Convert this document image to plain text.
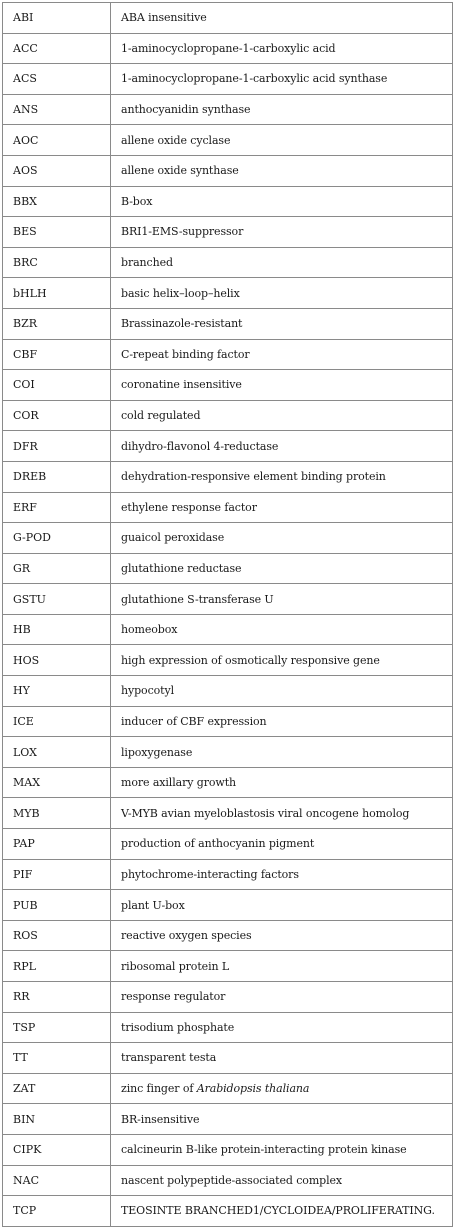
ABI	ABA insensitive
ACC	1-aminocyclopropane-1-carboxylic acid
ACS	1-aminocyclopropane-1-carboxylic acid synthase
ANS	anthocyanidin synthase
AOC	allene oxide cyclase
AOS	allene oxide synthase
BBX	B-box
BES	BRI1-EMS-suppressor
BRC	branched
bHLH	basic helix–loop–helix
BZR	Brassinazole-resistant
CBF	C-repeat binding factor
COI	coronatine insensitive
COR	cold regulated
DFR	dihydro-flavonol 4-reductase
DREB	dehydration-responsive element binding protein
ERF	ethylene response factor
G-POD	guaicol peroxidase
GR	glutathione reductase
GSTU	glutathione S-transferase U
HB	homeobox
HOS	high expression of osmotically responsive gene
HY	hypocotyl
ICE	inducer of CBF expression
LOX	lipoxygenase
MAX	more axillary growth
MYB	V-MYB avian myeloblastosis viral oncogene homolog
PAP	production of anthocyanin pigment
PIF	phytochrome-interacting factors
PUB	plant U-box
ROS	reactive oxygen species
RPL	ribosomal protein L
RR	response regulator
TSP	trisodium phosphate
TT	transparent testa
ZAT	zinc finger of Arabidopsis thaliana
BIN	BR-insensitive
CIPK	calcineurin B-like protein-interacting protein kinase
NAC	nascent polypeptide-associated complex
TCP	TEOSINTE BRANCHED1/CYCLOIDEA/PROLIFERATING.
